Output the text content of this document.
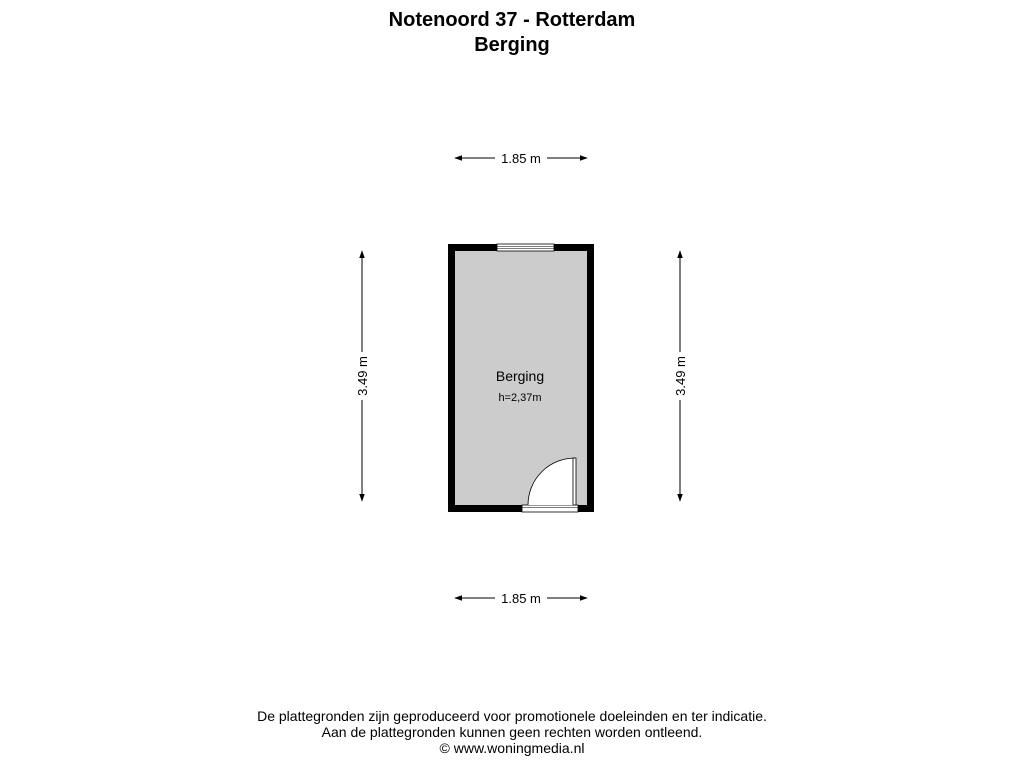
Notenoord 37 - Rotterdam
Berging
1.85 m
1.85 m
3.49 m	3.49 m
Berging
h=2,37m
De plattegronden zijn geproduceerd voor promotionele doeleinden en ter indicatie.
Aan de plattegronden kunnen geen rechten worden ontleend.
© www.woningmedia.nl
